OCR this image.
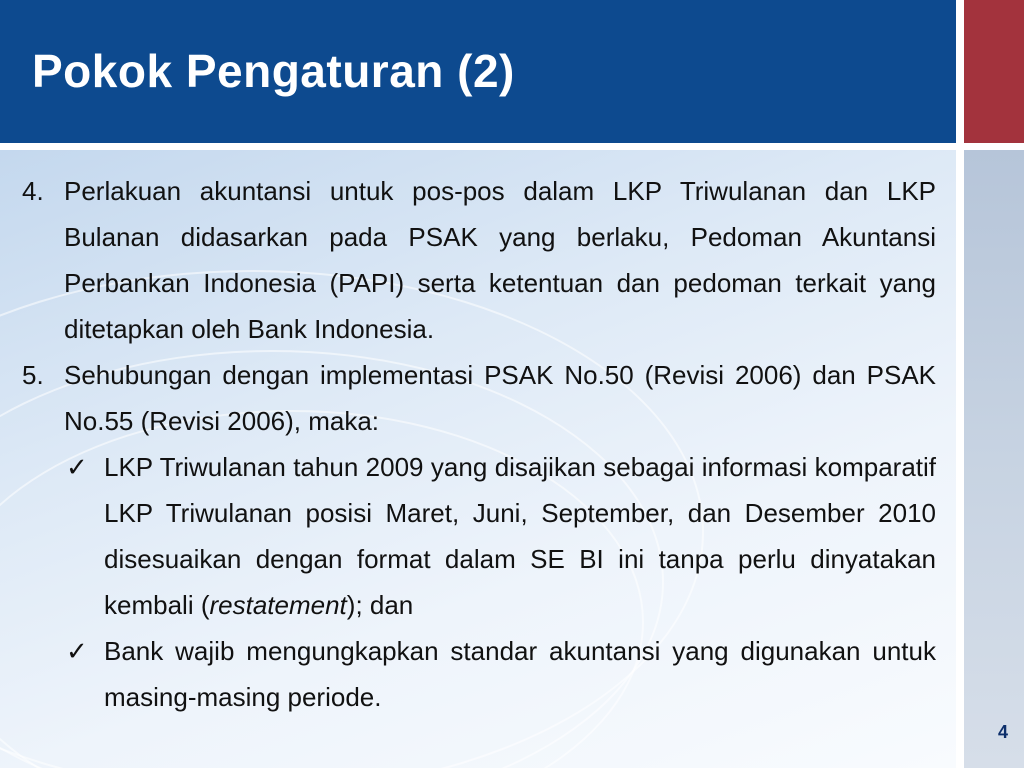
Pokok Pengaturan (2)
4. Perlakuan akuntansi untuk pos-pos dalam LKP Triwulanan dan LKP Bulanan didasarkan pada PSAK yang berlaku, Pedoman Akuntansi Perbankan Indonesia (PAPI) serta ketentuan dan pedoman terkait yang ditetapkan oleh Bank Indonesia.
5. Sehubungan dengan implementasi PSAK No.50 (Revisi 2006) dan PSAK No.55 (Revisi 2006), maka:
✓ LKP Triwulanan tahun 2009 yang disajikan sebagai informasi komparatif LKP Triwulanan posisi Maret, Juni, September, dan Desember 2010 disesuaikan dengan format dalam SE BI ini tanpa perlu dinyatakan kembali (restatement); dan
✓ Bank wajib mengungkapkan standar akuntansi yang digunakan untuk masing-masing periode.
4
